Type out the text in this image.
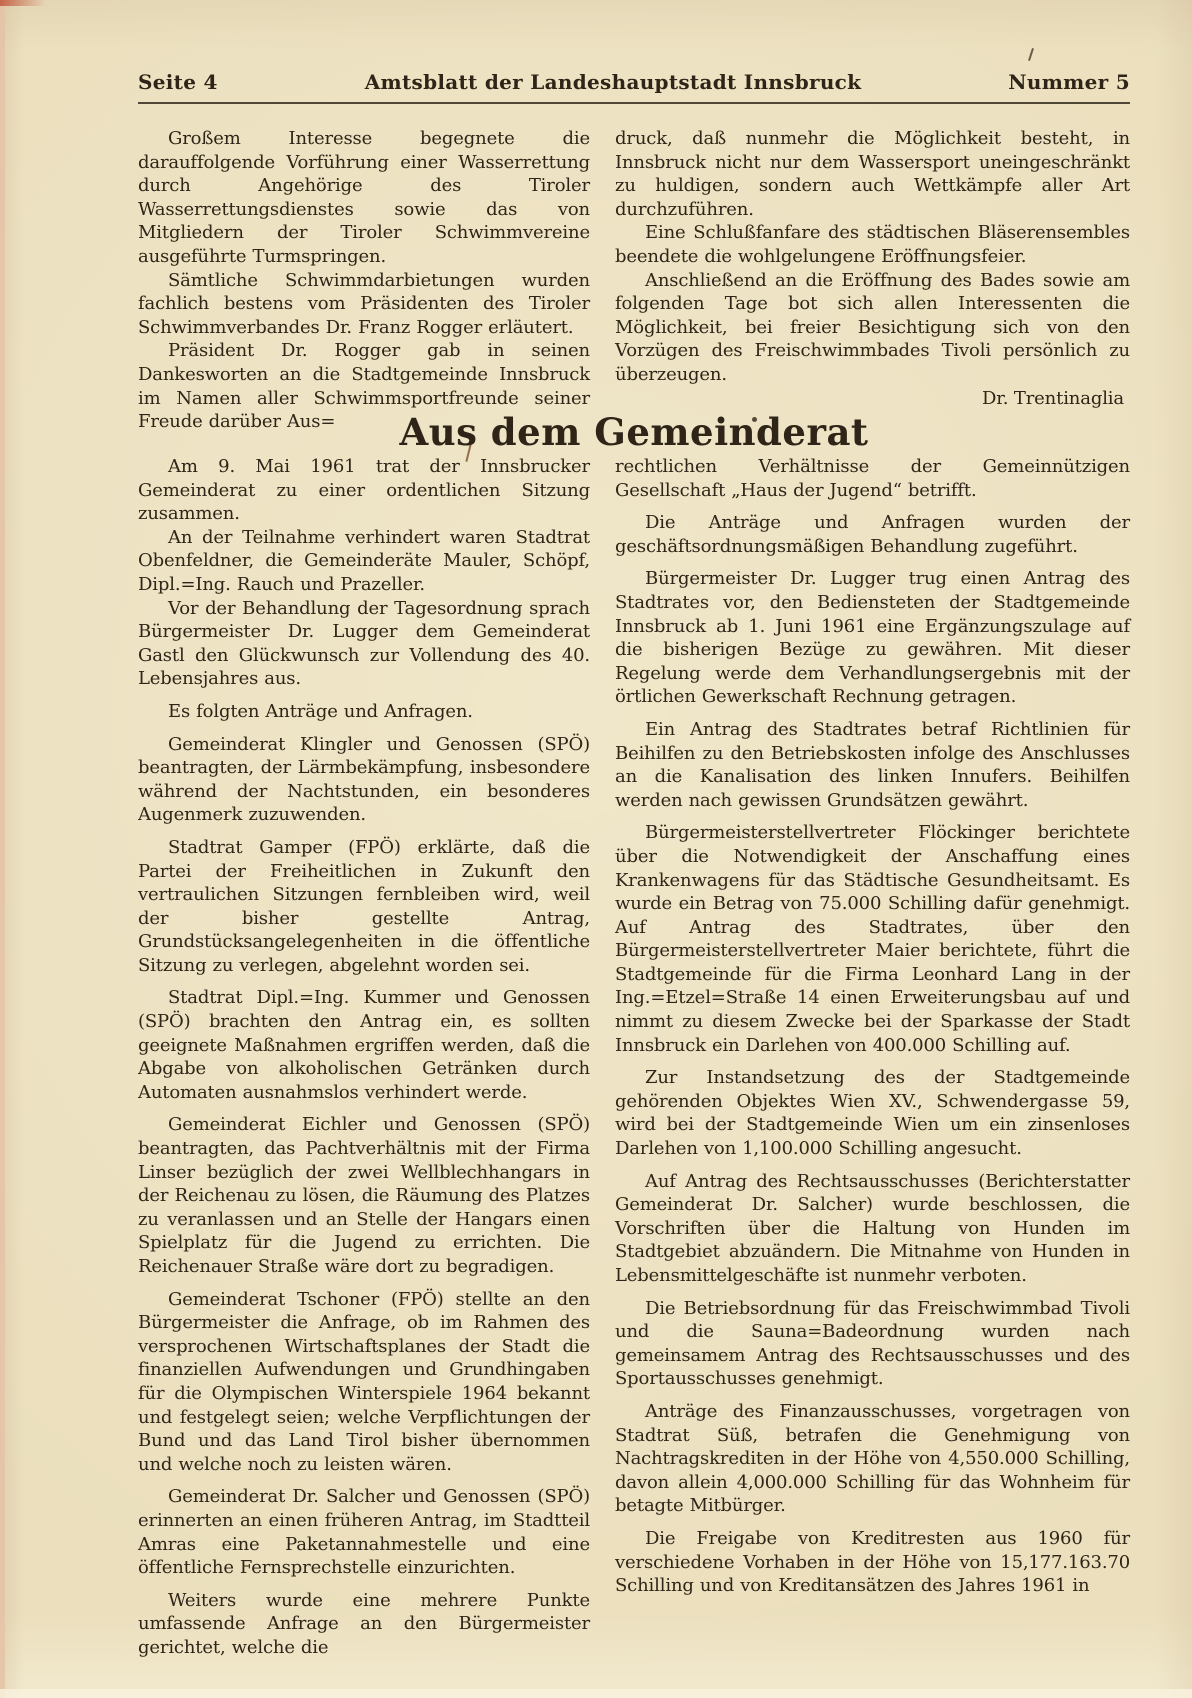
Seite 4	Amtsblatt der Landeshauptstadt Innsbruck	Nummer 5

Großem Interesse begegnete die darauffolgende Vorführung einer Wasserrettung durch Angehörige des Tiroler Wasserrettungsdienstes sowie das von Mitgliedern der Tiroler Schwimmvereine ausgeführte Turmspringen.

Sämtliche Schwimmdarbietungen wurden fachlich bestens vom Präsidenten des Tiroler Schwimmverbandes Dr. Franz Rogger erläutert.

Präsident Dr. Rogger gab in seinen Dankesworten an die Stadtgemeinde Innsbruck im Namen aller Schwimmsportfreunde seiner Freude darüber Aus=

druck, daß nunmehr die Möglichkeit besteht, in Innsbruck nicht nur dem Wassersport uneingeschränkt zu huldigen, sondern auch Wettkämpfe aller Art durchzuführen.

Eine Schlußfanfare des städtischen Bläserensembles beendete die wohlgelungene Eröffnungsfeier.

Anschließend an die Eröffnung des Bades sowie am folgenden Tage bot sich allen Interessenten die Möglichkeit, bei freier Besichtigung sich von den Vorzügen des Freischwimmbades Tivoli persönlich zu überzeugen.

Dr. Trentinaglia
Aus dem Gemeinderat

Am 9. Mai 1961 trat der Innsbrucker Gemeinderat zu einer ordentlichen Sitzung zusammen.

An der Teilnahme verhindert waren Stadtrat Obenfeldner, die Gemeinderäte Mauler, Schöpf, Dipl.=Ing. Rauch und Prazeller.

Vor der Behandlung der Tagesordnung sprach Bürgermeister Dr. Lugger dem Gemeinderat Gastl den Glückwunsch zur Vollendung des 40. Lebensjahres aus.

Es folgten Anträge und Anfragen.

Gemeinderat Klingler und Genossen (SPÖ) beantragten, der Lärmbekämpfung, insbesondere während der Nachtstunden, ein besonderes Augenmerk zuzuwenden.

Stadtrat Gamper (FPÖ) erklärte, daß die Partei der Freiheitlichen in Zukunft den vertraulichen Sitzungen fernbleiben wird, weil der bisher gestellte Antrag, Grundstücksangelegenheiten in die öffentliche Sitzung zu verlegen, abgelehnt worden sei.

Stadtrat Dipl.=Ing. Kummer und Genossen (SPÖ) brachten den Antrag ein, es sollten geeignete Maßnahmen ergriffen werden, daß die Abgabe von alkoholischen Getränken durch Automaten ausnahmslos verhindert werde.

Gemeinderat Eichler und Genossen (SPÖ) beantragten, das Pachtverhältnis mit der Firma Linser bezüglich der zwei Wellblechhangars in der Reichenau zu lösen, die Räumung des Platzes zu veranlassen und an Stelle der Hangars einen Spielplatz für die Jugend zu errichten. Die Reichenauer Straße wäre dort zu begradigen.

Gemeinderat Tschoner (FPÖ) stellte an den Bürgermeister die Anfrage, ob im Rahmen des versprochenen Wirtschaftsplanes der Stadt die finanziellen Aufwendungen und Grundhingaben für die Olympischen Winterspiele 1964 bekannt und festgelegt seien; welche Verpflichtungen der Bund und das Land Tirol bisher übernommen und welche noch zu leisten wären.

Gemeinderat Dr. Salcher und Genossen (SPÖ) erinnerten an einen früheren Antrag, im Stadtteil Amras eine Paketannahmestelle und eine öffentliche Fernsprechstelle einzurichten.

Weiters wurde eine mehrere Punkte umfassende Anfrage an den Bürgermeister gerichtet, welche die

rechtlichen Verhältnisse der Gemeinnützigen Gesellschaft „Haus der Jugend“ betrifft.

Die Anträge und Anfragen wurden der geschäftsordnungsmäßigen Behandlung zugeführt.

Bürgermeister Dr. Lugger trug einen Antrag des Stadtrates vor, den Bediensteten der Stadtgemeinde Innsbruck ab 1. Juni 1961 eine Ergänzungszulage auf die bisherigen Bezüge zu gewähren. Mit dieser Regelung werde dem Verhandlungsergebnis mit der örtlichen Gewerkschaft Rechnung getragen.

Ein Antrag des Stadtrates betraf Richtlinien für Beihilfen zu den Betriebskosten infolge des Anschlusses an die Kanalisation des linken Innufers. Beihilfen werden nach gewissen Grundsätzen gewährt.

Bürgermeisterstellvertreter Flöckinger berichtete über die Notwendigkeit der Anschaffung eines Krankenwagens für das Städtische Gesundheitsamt. Es wurde ein Betrag von 75.000 Schilling dafür genehmigt. Auf Antrag des Stadtrates, über den Bürgermeisterstellvertreter Maier berichtete, führt die Stadtgemeinde für die Firma Leonhard Lang in der Ing.=Etzel=Straße 14 einen Erweiterungsbau auf und nimmt zu diesem Zwecke bei der Sparkasse der Stadt Innsbruck ein Darlehen von 400.000 Schilling auf.

Zur Instandsetzung des der Stadtgemeinde gehörenden Objektes Wien XV., Schwendergasse 59, wird bei der Stadtgemeinde Wien um ein zinsenloses Darlehen von 1,100.000 Schilling angesucht.

Auf Antrag des Rechtsausschusses (Berichterstatter Gemeinderat Dr. Salcher) wurde beschlossen, die Vorschriften über die Haltung von Hunden im Stadtgebiet abzuändern. Die Mitnahme von Hunden in Lebensmittelgeschäfte ist nunmehr verboten.

Die Betriebsordnung für das Freischwimmbad Tivoli und die Sauna=Badeordnung wurden nach gemeinsamem Antrag des Rechtsausschusses und des Sportausschusses genehmigt.

Anträge des Finanzausschusses, vorgetragen von Stadtrat Süß, betrafen die Genehmigung von Nachtragskrediten in der Höhe von 4,550.000 Schilling, davon allein 4,000.000 Schilling für das Wohnheim für betagte Mitbürger.

Die Freigabe von Kreditresten aus 1960 für verschiedene Vorhaben in der Höhe von 15,177.163.70 Schilling und von Kreditansätzen des Jahres 1961 in
